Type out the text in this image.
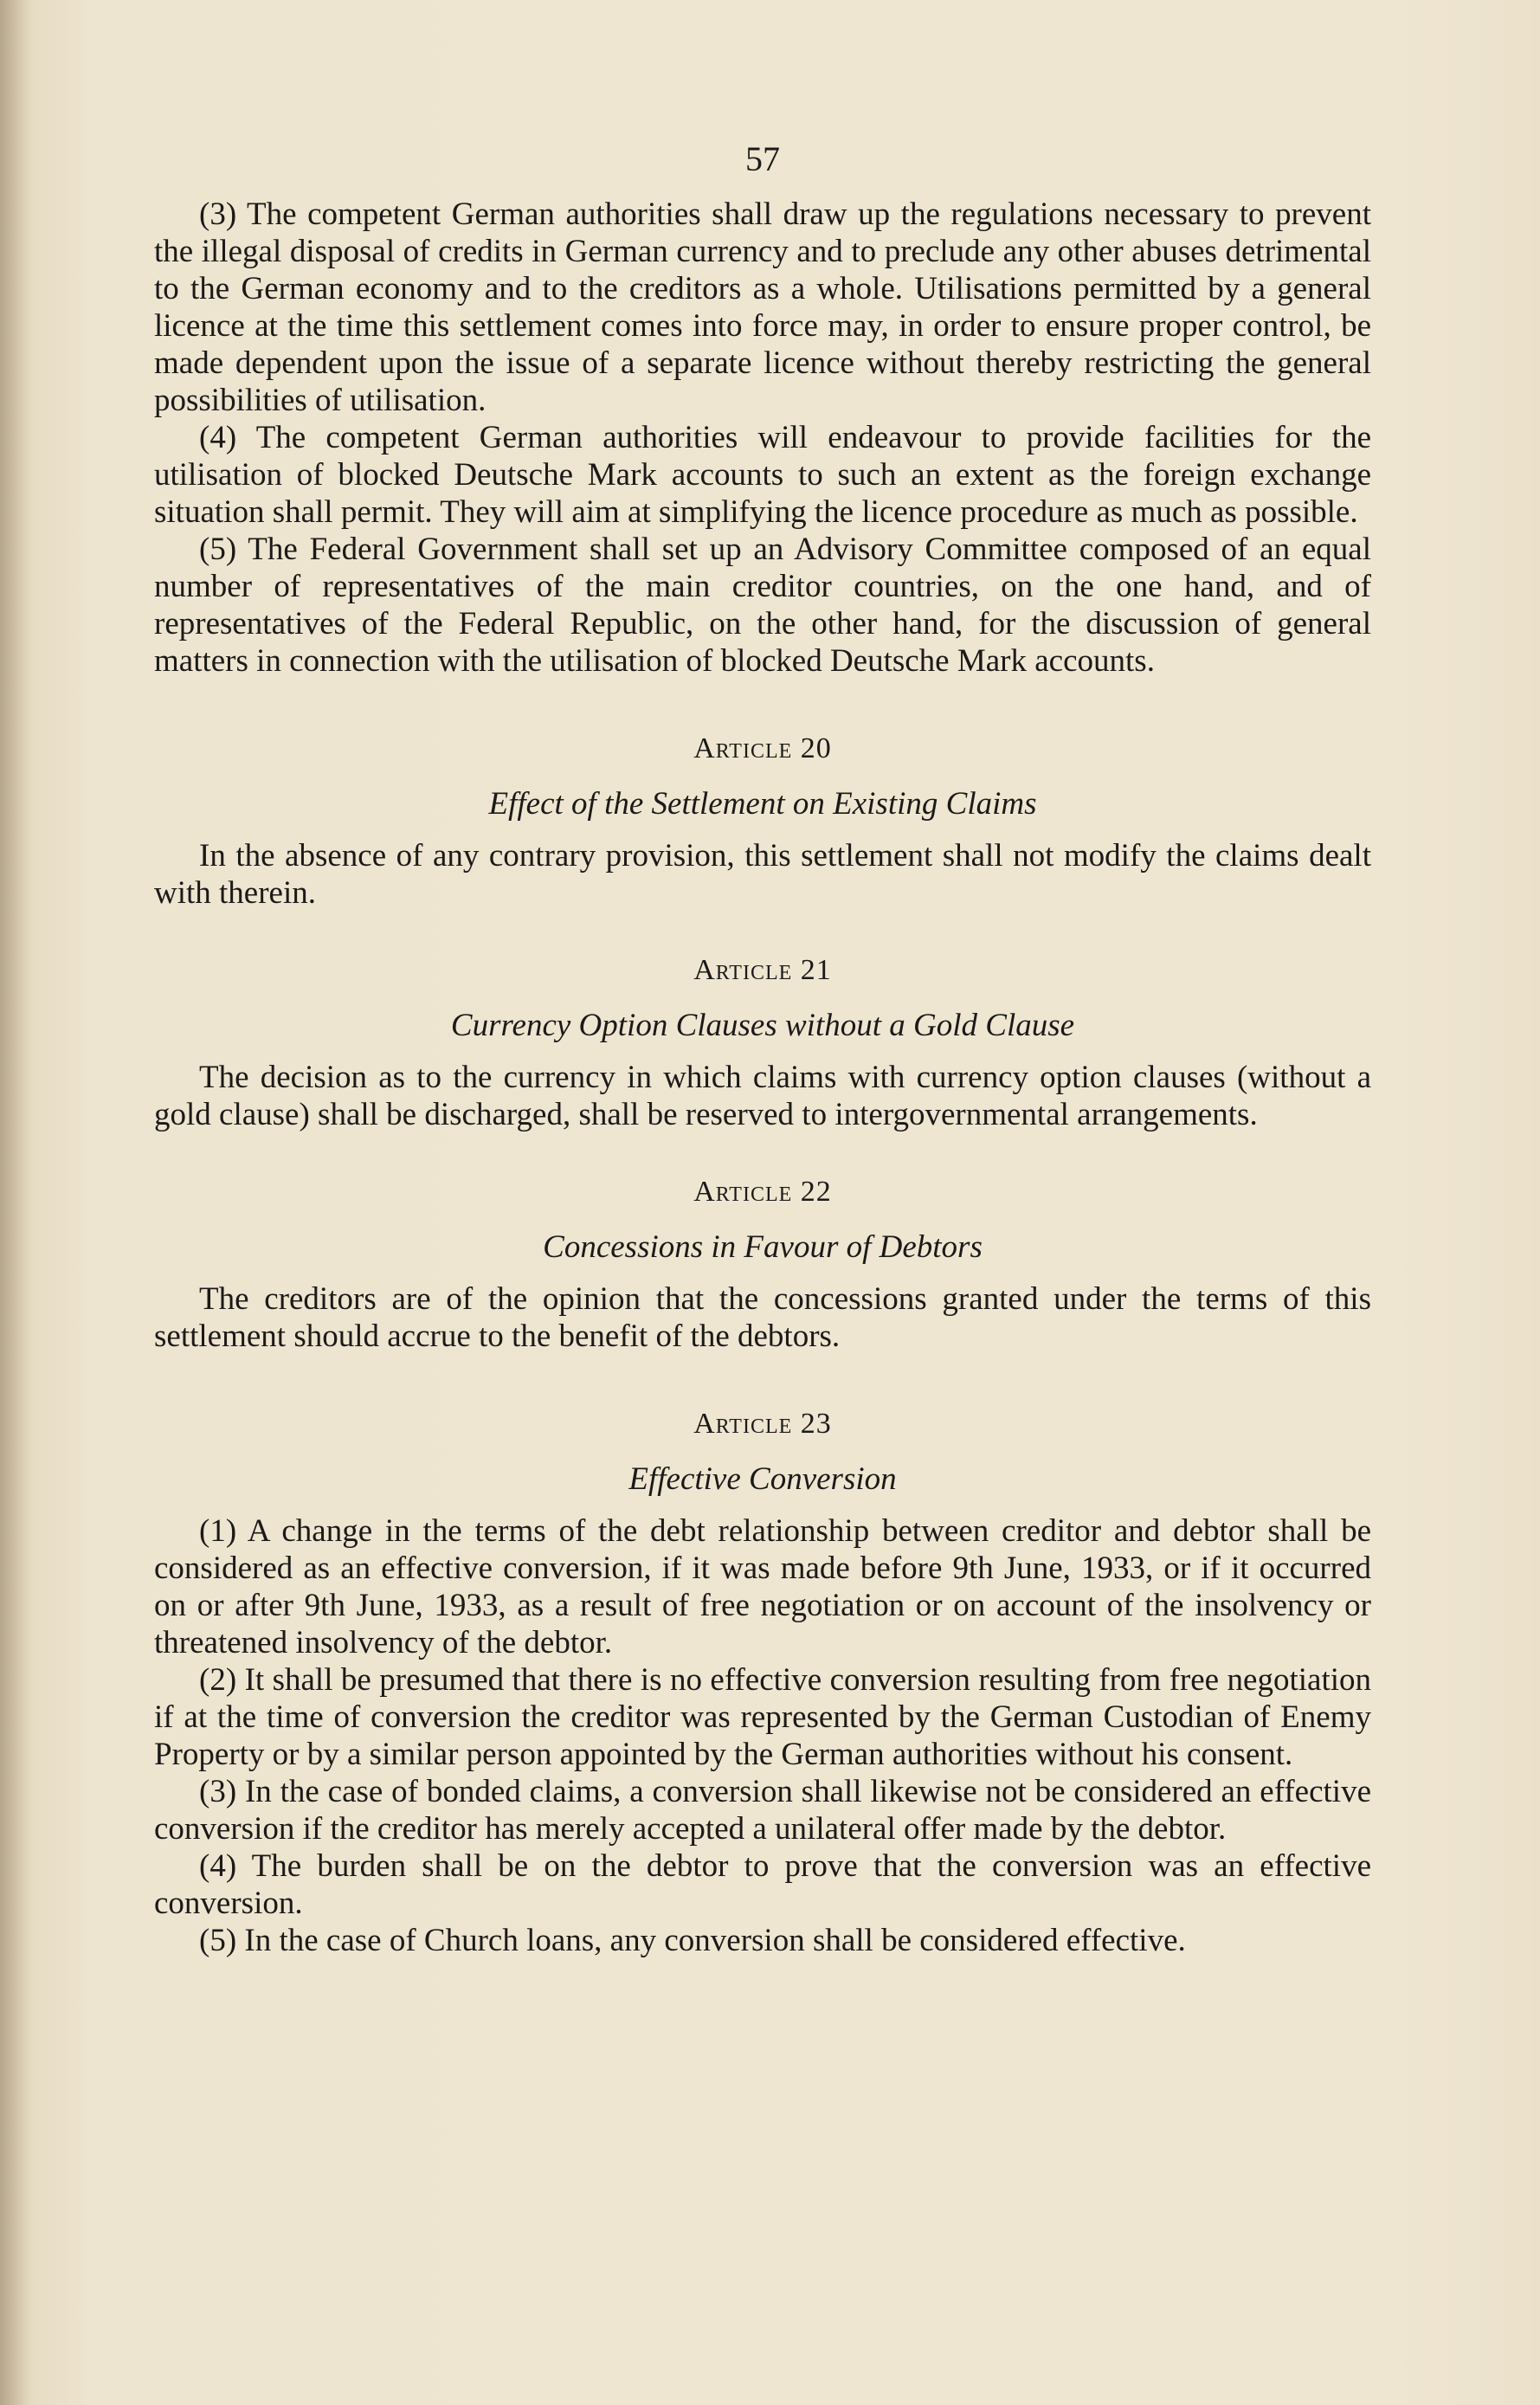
57

(3) The competent German authorities shall draw up the regulations necessary to prevent the illegal disposal of credits in German currency and to preclude any other abuses detrimental to the German economy and to the creditors as a whole. Utilisations permitted by a general licence at the time this settlement comes into force may, in order to ensure proper control, be made dependent upon the issue of a separate licence without thereby restricting the general possibilities of utilisation.

(4) The competent German authorities will endeavour to provide facilities for the utilisation of blocked Deutsche Mark accounts to such an extent as the foreign exchange situation shall permit. They will aim at simplifying the licence procedure as much as possible.

(5) The Federal Government shall set up an Advisory Committee composed of an equal number of representatives of the main creditor countries, on the one hand, and of representatives of the Federal Republic, on the other hand, for the discussion of general matters in connection with the utilisation of blocked Deutsche Mark accounts.

Article 20
Effect of the Settlement on Existing Claims

In the absence of any contrary provision, this settlement shall not modify the claims dealt with therein.

Article 21
Currency Option Clauses without a Gold Clause

The decision as to the currency in which claims with currency option clauses (without a gold clause) shall be discharged, shall be reserved to intergovernmental arrangements.

Article 22
Concessions in Favour of Debtors

The creditors are of the opinion that the concessions granted under the terms of this settlement should accrue to the benefit of the debtors.

Article 23
Effective Conversion

(1) A change in the terms of the debt relationship between creditor and debtor shall be considered as an effective conversion, if it was made before 9th June, 1933, or if it occurred on or after 9th June, 1933, as a result of free negotiation or on account of the insolvency or threatened insolvency of the debtor.

(2) It shall be presumed that there is no effective conversion resulting from free negotiation if at the time of conversion the creditor was represented by the German Custodian of Enemy Property or by a similar person appointed by the German authorities without his consent.

(3) In the case of bonded claims, a conversion shall likewise not be considered an effective conversion if the creditor has merely accepted a unilateral offer made by the debtor.

(4) The burden shall be on the debtor to prove that the conversion was an effective conversion.

(5) In the case of Church loans, any conversion shall be considered effective.
